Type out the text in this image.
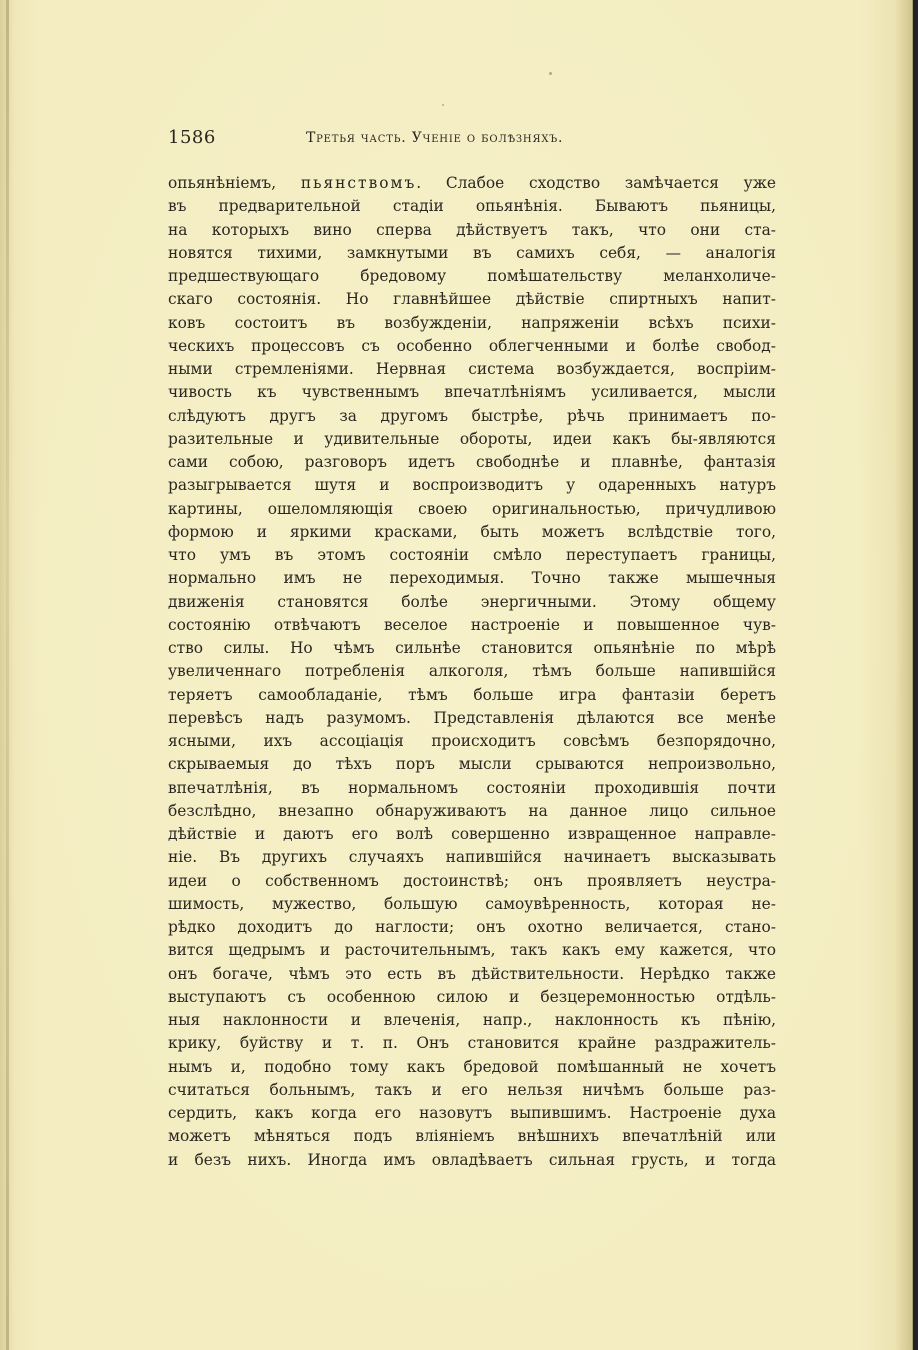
1586	Третья часть. Ученіе о болѣзняхъ.
опьянѣніемъ, пьянствомъ. Слабое сходство замѣчается уже
въ предварительной стадіи опьянѣнія. Бываютъ пьяницы,
на которыхъ вино сперва дѣйствуетъ такъ, что они ста-
новятся тихими, замкнутыми въ самихъ себя, — аналогія
предшествующаго бредовому помѣшательству меланхоличе-
скаго состоянія. Но главнѣйшее дѣйствіе спиртныхъ напит-
ковъ состоитъ въ возбужденіи, напряженіи всѣхъ психи-
ческихъ процессовъ съ особенно облегченными и болѣе свобод-
ными стремленіями. Нервная система возбуждается, воспріим-
чивость къ чувственнымъ впечатлѣніямъ усиливается, мысли
слѣдуютъ другъ за другомъ быстрѣе, рѣчь принимаетъ по-
разительные и удивительные обороты, идеи какъ бы-являются
сами собою, разговоръ идетъ свободнѣе и плавнѣе, фантазія
разыгрывается шутя и воспроизводитъ у одаренныхъ натуръ
картины, ошеломляющія своею оригинальностью, причудливою
формою и яркими красками, быть можетъ вслѣдствіе того,
что умъ въ этомъ состояніи смѣло переступаетъ границы,
нормально имъ не переходимыя. Точно также мышечныя
движенія становятся болѣе энергичными. Этому общему
состоянію отвѣчаютъ веселое настроеніе и повышенное чув-
ство силы. Но чѣмъ сильнѣе становится опьянѣніе по мѣрѣ
увеличеннаго потребленія алкоголя, тѣмъ больше напившійся
теряетъ самообладаніе, тѣмъ больше игра фантазіи беретъ
перевѣсъ надъ разумомъ. Представленія дѣлаются все менѣе
ясными, ихъ ассоціація происходитъ совсѣмъ безпорядочно,
скрываемыя до тѣхъ поръ мысли срываются непроизвольно,
впечатлѣнія, въ нормальномъ состояніи проходившія почти
безслѣдно, внезапно обнаруживаютъ на данное лицо сильное
дѣйствіе и даютъ его волѣ совершенно извращенное направле-
ніе. Въ другихъ случаяхъ напившійся начинаетъ высказывать
идеи о собственномъ достоинствѣ; онъ проявляетъ неустра-
шимость, мужество, большую самоувѣренность, которая не-
рѣдко доходитъ до наглости; онъ охотно величается, стано-
вится щедрымъ и расточительнымъ, такъ какъ ему кажется, что
онъ богаче, чѣмъ это есть въ дѣйствительности. Нерѣдко также
выступаютъ съ особенною силою и безцеремонностью отдѣль-
ныя наклонности и влеченія, напр., наклонность къ пѣнію,
крику, буйству и т. п. Онъ становится крайне раздражитель-
нымъ и, подобно тому какъ бредовой помѣшанный не хочетъ
считаться больнымъ, такъ и его нельзя ничѣмъ больше раз-
сердить, какъ когда его назовутъ выпившимъ. Настроеніе духа
можетъ мѣняться подъ вліяніемъ внѣшнихъ впечатлѣній или
и безъ нихъ. Иногда имъ овладѣваетъ сильная грусть, и тогда
